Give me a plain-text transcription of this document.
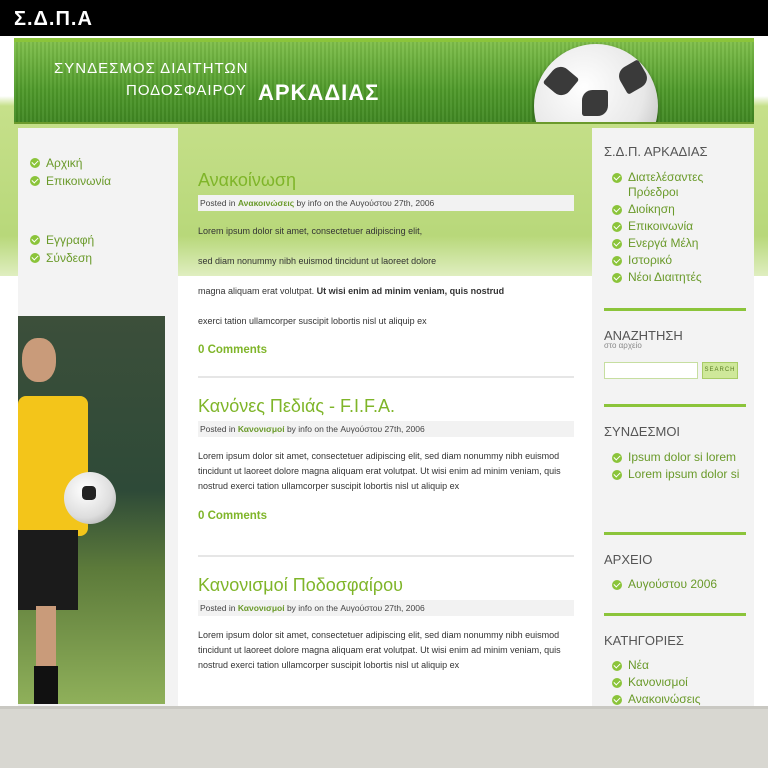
Σ.Δ.Π.Α
ΣΥΝΔΕΣΜΟΣ ΔΙΑΙΤΗΤΩΝ
ΠΟΔΟΣΦΑΙΡΟΥ ΑΡΚΑΔΙΑΣ
Αρχική
Επικοινωνία
Εγγραφή
Σύνδεση
Ανακοίνωση
Posted in Ανακοινώσεις by info on the Αυγούστου 27th, 2006

Lorem ipsum dolor sit amet, consectetuer adipiscing elit,

sed diam nonummy nibh euismod tincidunt ut laoreet dolore

magna aliquam erat volutpat. Ut wisi enim ad minim veniam, quis nostrud

exerci tation ullamcorper suscipit lobortis nisl ut aliquip ex

0 Comments
Κανόνες Πεδιάς - F.I.F.A.
Posted in Κανονισμοί by info on the Αυγούστου 27th, 2006

Lorem ipsum dolor sit amet, consectetuer adipiscing elit, sed diam nonummy nibh euismod tincidunt ut laoreet dolore magna aliquam erat volutpat. Ut wisi enim ad minim veniam, quis nostrud exerci tation ullamcorper suscipit lobortis nisl ut aliquip ex

0 Comments
Κανονισμοί Ποδοσφαίρου
Posted in Κανονισμοί by info on the Αυγούστου 27th, 2006

Lorem ipsum dolor sit amet, consectetuer adipiscing elit, sed diam nonummy nibh euismod tincidunt ut laoreet dolore magna aliquam erat volutpat. Ut wisi enim ad minim veniam, quis nostrud exerci tation ullamcorper suscipit lobortis nisl ut aliquip ex

Σ.Δ.Π. ΑΡΚΑΔΙΑΣ
Διατελέσαντες Πρόεδροι
Διοίκηση
Επικοινωνία
Ενεργά Μέλη
Ιστορικό
Νέοι Διαιτητές
ΑΝΑΖΗΤΗΣΗ
στο αρχείο
SEARCH
ΣΥΝΔΕΣΜΟΙ
Ipsum dolor si lorem
Lorem ipsum dolor si
ΑΡΧΕΙΟ
Αυγούστου 2006
ΚΑΤΗΓΟΡΙΕΣ
Νέα
Κανονισμοί
Ανακοινώσεις
